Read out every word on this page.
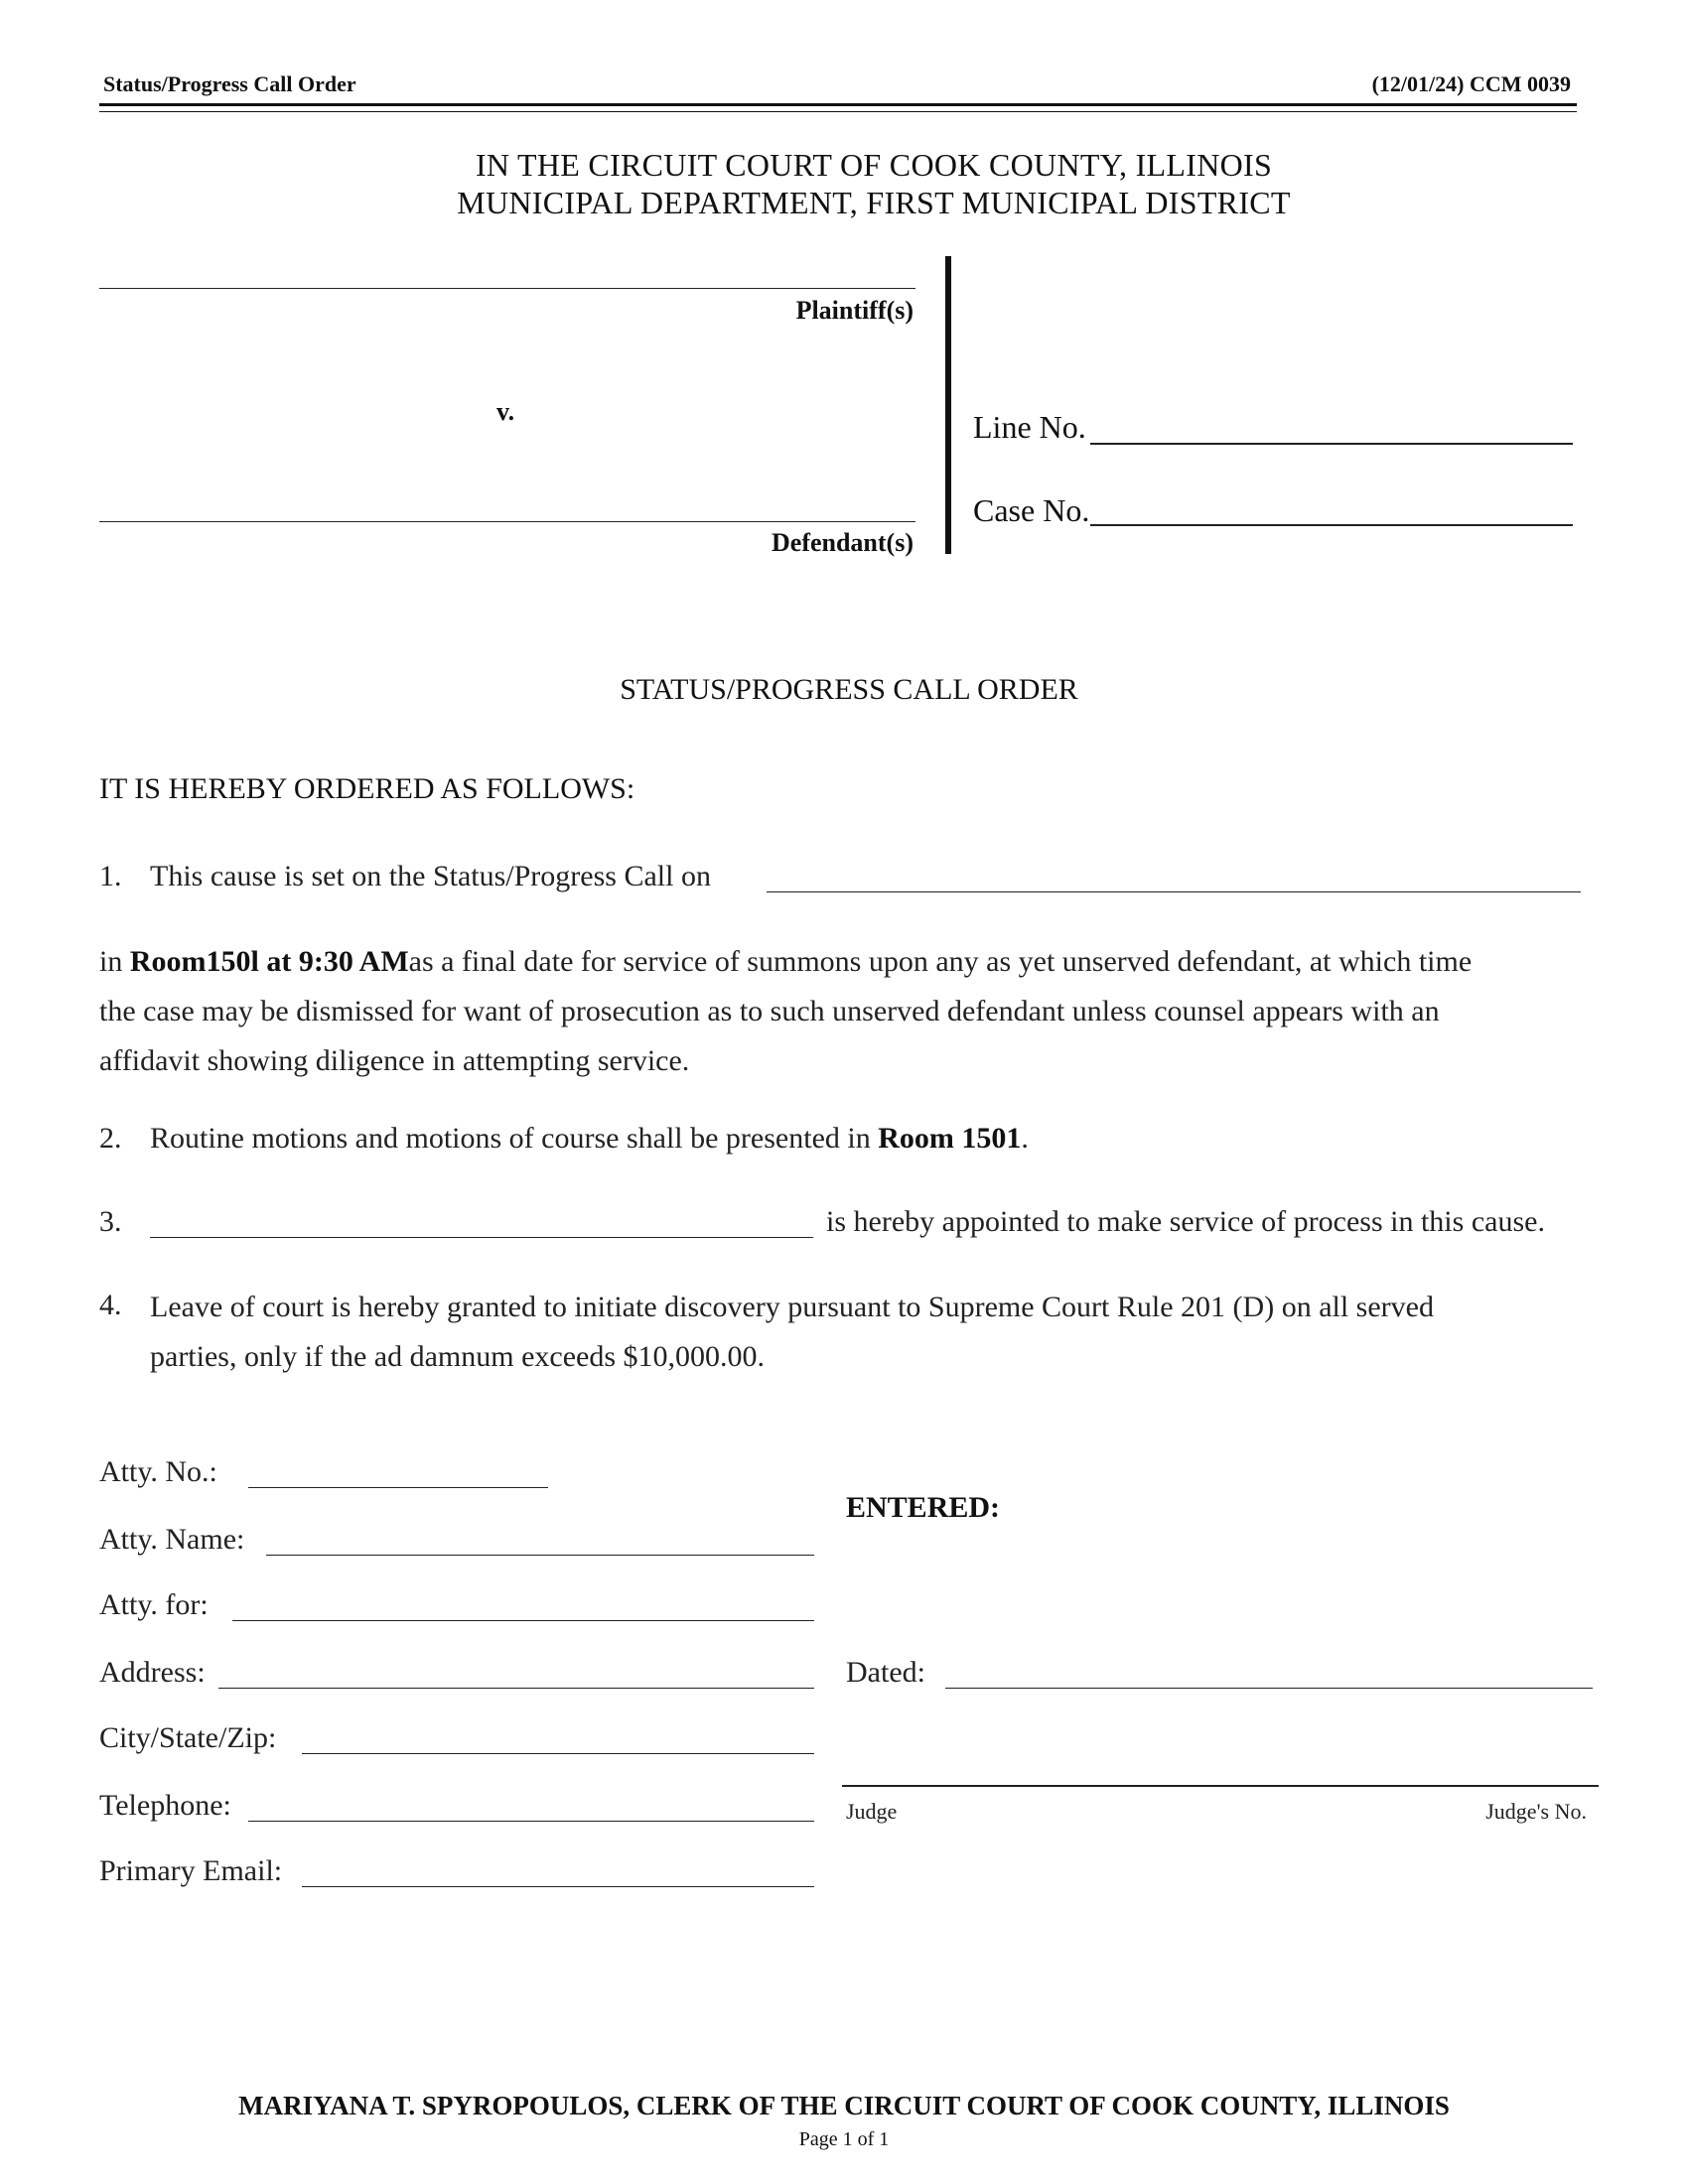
Status/Progress Call Order	(12/01/24) CCM 0039
IN THE CIRCUIT COURT OF COOK COUNTY, ILLINOIS
MUNICIPAL DEPARTMENT, FIRST MUNICIPAL DISTRICT
Plaintiff(s)
v.
Defendant(s)
Line No.
Case No.
STATUS/PROGRESS CALL ORDER
IT IS HEREBY ORDERED AS FOLLOWS:
1. This cause is set on the Status/Progress Call on
in Room150l at 9:30 AMas a final date for service of summons upon any as yet unserved defendant, at which time
the case may be dismissed for want of prosecution as to such unserved defendant unless counsel appears with an
affidavit showing diligence in attempting service.
2. Routine motions and motions of course shall be presented in Room 1501.
3.	is hereby appointed to make service of process in this cause.
4. Leave of court is hereby granted to initiate discovery pursuant to Supreme Court Rule 201 (D) on all served
parties, only if the ad damnum exceeds $10,000.00.
Atty. No.:
Atty. Name:
Atty. for:
Address:
City/State/Zip:
Telephone:
Primary Email:
ENTERED:
Dated:
Judge	Judge's No.
MARIYANA T. SPYROPOULOS, CLERK OF THE CIRCUIT COURT OF COOK COUNTY, ILLINOIS
Page 1 of 1
